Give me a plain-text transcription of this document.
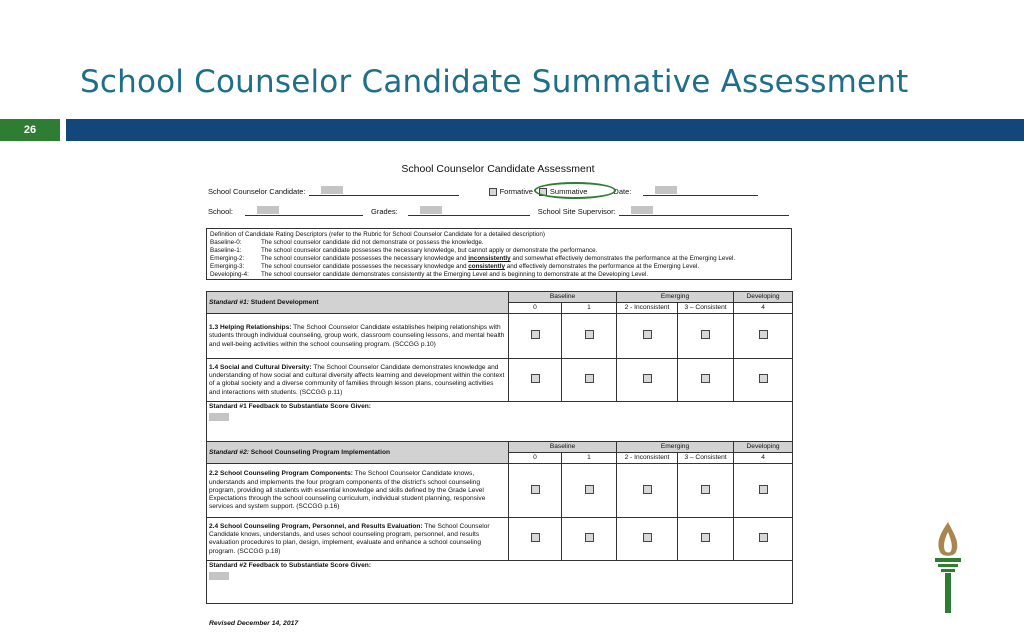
School Counselor Candidate Summative Assessment
26
School Counselor Candidate Assessment
School Counselor Candidate:	Formative Summative	Date:
School:	Grades:	School Site Supervisor:
Definition of Candidate Rating Descriptors (refer to the Rubric for School Counselor Candidate for a detailed description)
Baseline-0:	The school counselor candidate did not demonstrate or possess the knowledge.
Baseline-1:	The school counselor candidate possesses the necessary knowledge, but cannot apply or demonstrate the performance.
Emerging-2:	The school counselor candidate possesses the necessary knowledge and inconsistently and somewhat effectively demonstrates the performance at the Emerging Level.
Emerging-3:	The school counselor candidate possesses the necessary knowledge and consistently and effectively demonstrates the performance at the Emerging Level.
Developing-4:	The school counselor candidate demonstrates consistently at the Emerging Level and is beginning to demonstrate at the Developing Level.
Standard #1: Student Development	Baseline		Emerging		Developing
	0	1	2 - Inconsistent	3 – Consistent	4
1.3 Helping Relationships: The School Counselor Candidate establishes helping relationships with students through individual counseling, group work, classroom counseling lessons, and mental health and well-being activities within the school counseling program. (SCCGG p.10)					
1.4 Social and Cultural Diversity: The School Counselor Candidate demonstrates knowledge and understanding of how social and cultural diversity affects learning and development within the context of a global society and a diverse community of families through lesson plans, counseling activities and interactions with students. (SCCGG p.11)					
Standard #1 Feedback to Substantiate Score Given:					
Standard #2: School Counseling Program Implementation	Baseline		Emerging		Developing
	0	1	2 - Inconsistent	3 – Consistent	4
2.2 School Counseling Program Components: The School Counselor Candidate knows, understands and implements the four program components of the district's school counseling program, providing all students with essential knowledge and skills defined by the Grade Level Expectations through the school counseling curriculum, individual student planning, responsive services and system support. (SCCGG p.16)					
2.4 School Counseling Program, Personnel, and Results Evaluation: The School Counselor Candidate knows, understands, and uses school counseling program, personnel, and results evaluation procedures to plan, design, implement, evaluate and enhance a school counseling program. (SCCGG p.18)					
Standard #2 Feedback to Substantiate Score Given:					
Revised December 14, 2017
